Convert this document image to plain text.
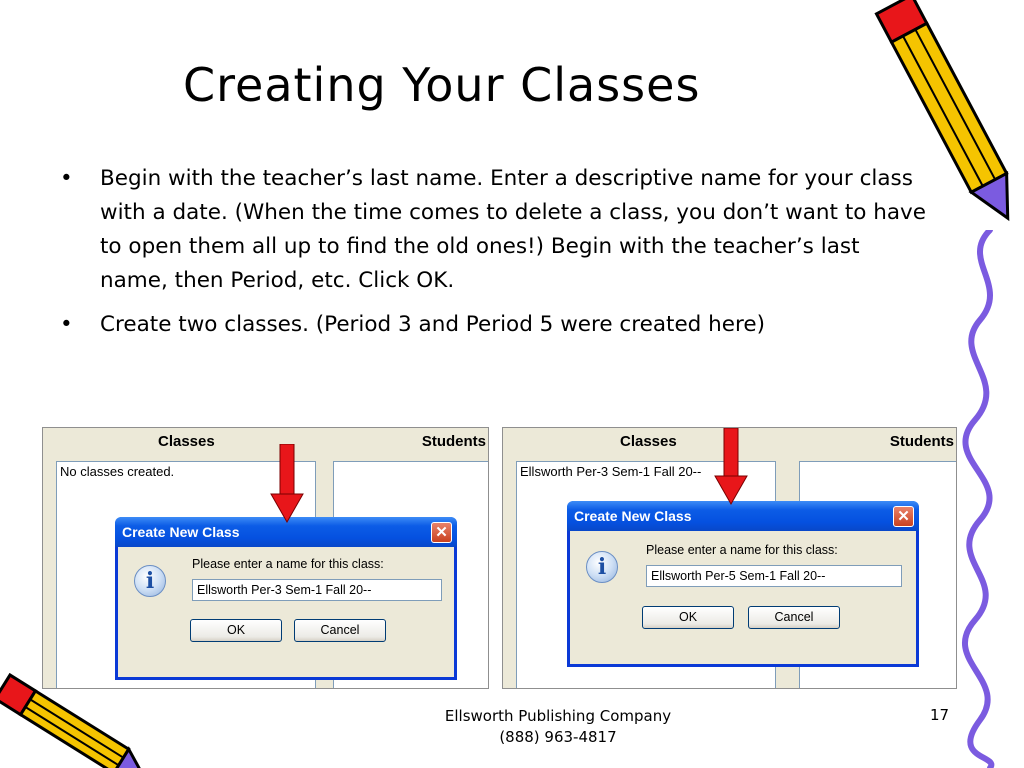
Creating Your Classes
•	Begin with the teacher’s last name. Enter a descriptive name for your class with a date. (When the time comes to delete a class, you don’t want to have to open them all up to find the old ones!) Begin with the teacher’s last name, then Period, etc. Click OK.
•	Create two classes. (Period 3 and Period 5 were created here)
Classes	Students
No classes created.
Create New Class	✕
i
Please enter a name for this class:
Ellsworth Per-3 Sem-1 Fall 20--
OK	Cancel
Classes	Students
Ellsworth Per-3 Sem-1 Fall 20--
Create New Class	✕
i
Please enter a name for this class:
Ellsworth Per-5 Sem-1 Fall 20--
OK	Cancel
Ellsworth Publishing Company
(888) 963-4817
17
